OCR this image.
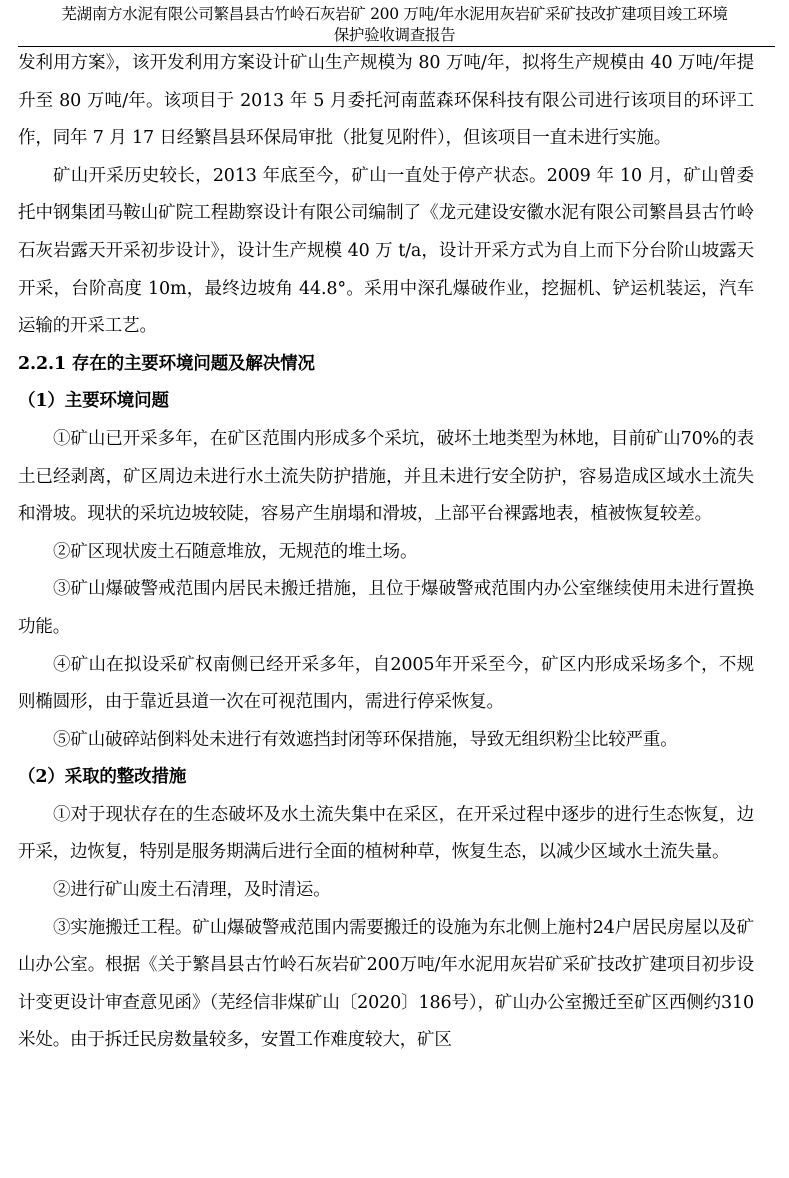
芜湖南方水泥有限公司繁昌县古竹岭石灰岩矿 200 万吨/年水泥用灰岩矿采矿技改扩建项目竣工环境
保护验收调查报告

发利用方案》，该开发利用方案设计矿山生产规模为 80 万吨/年，拟将生产规模由 40 万吨/年提升至 80 万吨/年。该项目于 2013 年 5 月委托河南蓝森环保科技有限公司进行该项目的环评工作，同年 7 月 17 日经繁昌县环保局审批（批复见附件），但该项目一直未进行实施。

矿山开采历史较长，2013 年底至今，矿山一直处于停产状态。2009 年 10 月，矿山曾委托中钢集团马鞍山矿院工程勘察设计有限公司编制了《龙元建设安徽水泥有限公司繁昌县古竹岭石灰岩露天开采初步设计》，设计生产规模 40 万 t/a，设计开采方式为自上而下分台阶山坡露天开采，台阶高度 10m，最终边坡角 44.8°。采用中深孔爆破作业，挖掘机、铲运机装运，汽车运输的开采工艺。

2.2.1 存在的主要环境问题及解决情况

（1）主要环境问题

①矿山已开采多年，在矿区范围内形成多个采坑，破坏土地类型为林地，目前矿山70%的表土已经剥离，矿区周边未进行水土流失防护措施，并且未进行安全防护，容易造成区域水土流失和滑坡。现状的采坑边坡较陡，容易产生崩塌和滑坡，上部平台裸露地表，植被恢复较差。

②矿区现状废土石随意堆放，无规范的堆土场。

③矿山爆破警戒范围内居民未搬迁措施，且位于爆破警戒范围内办公室继续使用未进行置换功能。

④矿山在拟设采矿权南侧已经开采多年，自2005年开采至今，矿区内形成采场多个，不规则椭圆形，由于靠近县道一次在可视范围内，需进行停采恢复。

⑤矿山破碎站倒料处未进行有效遮挡封闭等环保措施，导致无组织粉尘比较严重。

（2）采取的整改措施

①对于现状存在的生态破坏及水土流失集中在采区，在开采过程中逐步的进行生态恢复，边开采，边恢复，特别是服务期满后进行全面的植树种草，恢复生态，以减少区域水土流失量。

②进行矿山废土石清理，及时清运。

③实施搬迁工程。矿山爆破警戒范围内需要搬迁的设施为东北侧上施村24户居民房屋以及矿山办公室。根据《关于繁昌县古竹岭石灰岩矿200万吨/年水泥用灰岩矿采矿技改扩建项目初步设计变更设计审查意见函》（芜经信非煤矿山〔2020〕186号），矿山办公室搬迁至矿区西侧约310米处。由于拆迁民房数量较多，安置工作难度较大，矿区
